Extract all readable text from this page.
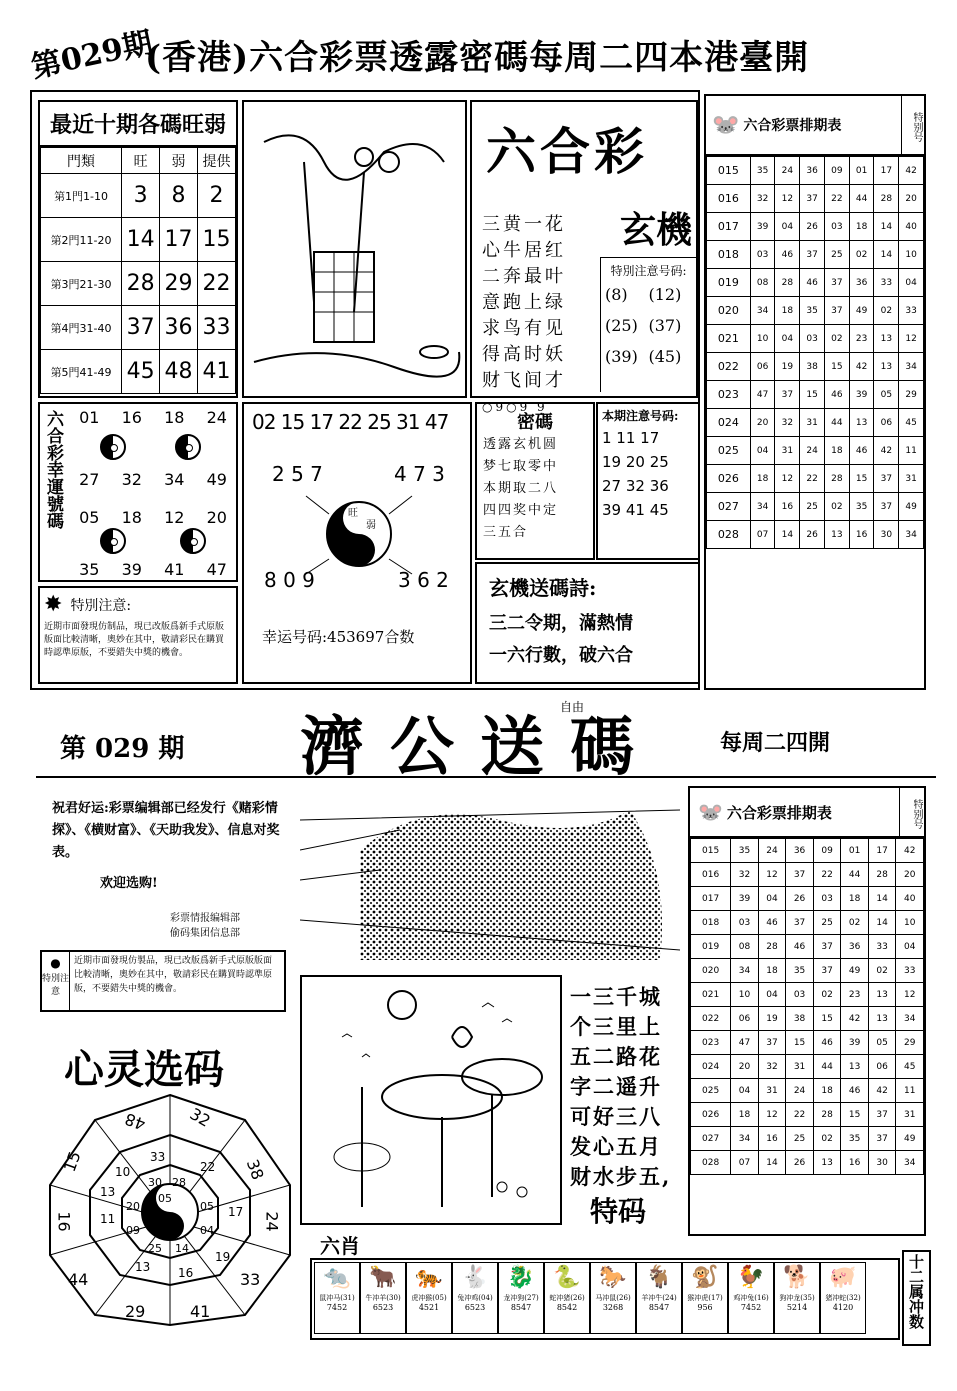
第029期
(香港)六合彩票透露密碼每周二四本港臺開
最近十期各碼旺弱
門類	旺	弱	提供
第1門1-10	3	8	2
第2門11-20	14	17	15
第3門21-30	28	29	22
第4門31-40	37	36	33
第5門41-49	45	48	41
六合彩
玄機
三黄一花
心牛居红
二奔最叶
意跑上绿
求鸟有见
得高时妖
财飞间才
○9○9 9
特別注意号码:
(8)	(12)
(25) (37)
(39) (45)
六合彩幸運號碼 01 16 18 24
27 32 34 49
05 18 12 20
35 39 41 47
✸ 特別注意:
近期市面發現仿制品，現已改版爲新手式原版版面比較清晰，奧妙在其中，敬請彩民在購買時認準原版，不要錯失中獎的機會。
02 15 17 22 25 31 47
2 5 7	4 7 3
旺
弱
8 0 9	3 6 2
幸运号码:453697合数
密碼
透露玄机圆
梦七取零中
本期取二八
四四奖中定
三五合
本期注意号码:
1 11 17
19 20 25
27 32 36
39 41 45
玄機送碼詩:
三二令期，滿熱情
一六行數，破六合
🐭 六合彩票排期表	特别号
015	35	24	36	09	01	17	42
016	32	12	37	22	44	28	20
017	39	04	26	03	18	14	40
018	03	46	37	25	02	14	10
019	08	28	46	37	36	33	04
020	34	18	35	37	49	02	33
021	10	04	03	02	23	13	12
022	06	19	38	15	42	13	34
023	47	37	15	46	39	05	29
024	20	32	31	44	13	06	45
025	04	31	24	18	46	42	11
026	18	12	22	28	15	37	31
027	34	16	25	02	35	37	49
028	07	14	26	13	16	30	34
第 029 期 濟公送碼
自由
每周二四開
祝君好运:彩票编辑部已经发行《赌彩情探》、《横财富》、《天助我发》、信息对奖表。
欢迎选购!
彩票情报编辑部
偷码集团信息部
●
特別注意
近期市面發現仿製品，現已改版爲新手式原版版面比較清晰，奧妙在其中，敬請彩民在購買時認準原版，不要錯失中獎的機會。	一三千城
个三里上
五二路花
字二遥升
可好三八
发心五月
财水步五,
特码
六肖
心灵选码
32
38
24
33
41
29
44
16
15
48
33
10	22
17
19
16
13
11
13
28
05
04
14
25
09
20
30
05
🐭 六合彩票排期表	特别号
015	35	24	36	09	01	17	42
016	32	12	37	22	44	28	20
017	39	04	26	03	18	14	40
018	03	46	37	25	02	14	10
019	08	28	46	37	36	33	04
020	34	18	35	37	49	02	33
021	10	04	03	02	23	13	12
022	06	19	38	15	42	13	34
023	47	37	15	46	39	05	29
024	20	32	31	44	13	06	45
025	04	31	24	18	46	42	11
026	18	12	22	28	15	37	31
027	34	16	25	02	35	37	49
028	07	14	26	13	16	30	34
🐀
鼠冲马(31)
7452
🐂
牛冲羊(30)
6523
🐅
虎冲猴(05)
4521
🐇
兔冲鸡(04)
6523
🐉
龙冲狗(27)
8547
🐍
蛇冲猪(26)
8542
🐎
马冲鼠(26)
3268
🐐
羊冲牛(24)
8547
🐒
猴冲虎(17)
956
🐓
鸡冲兔(16)
7452
🐕
狗冲龙(35)
5214
🐖
猪冲蛇(32)
4120	十二属冲数
